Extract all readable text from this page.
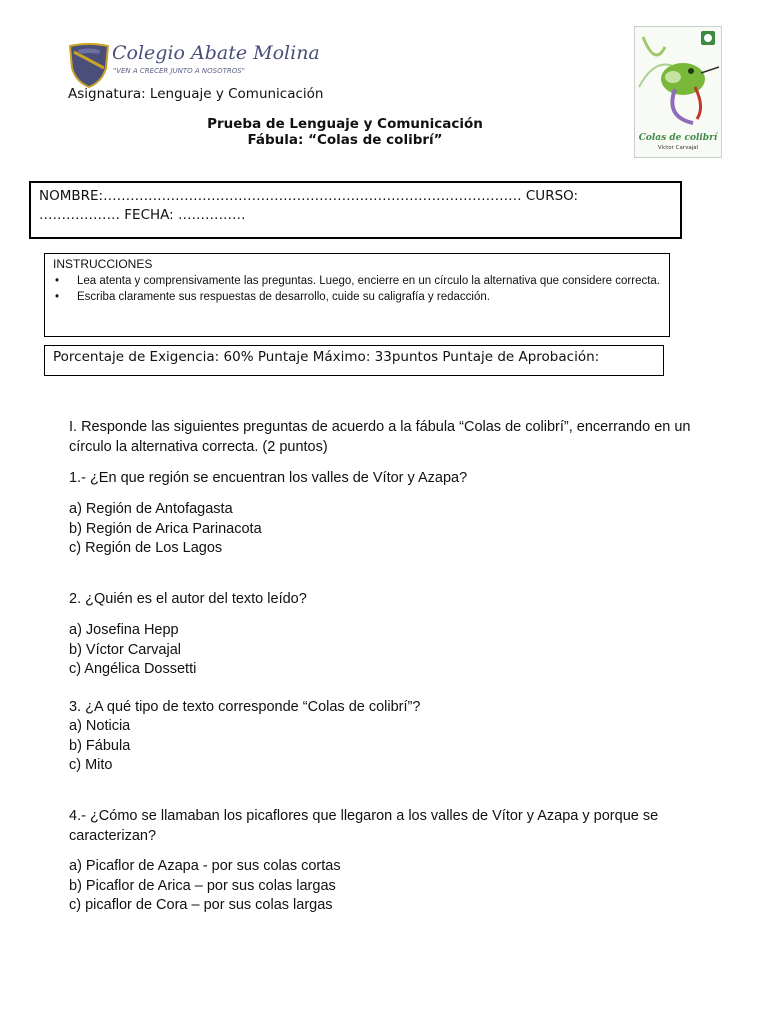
Colegio Abate Molina
"VEN A CRECER JUNTO A NOSOTROS"
Asignatura: Lenguaje y Comunicación
Prueba de Lenguaje y Comunicación
Fábula: “Colas de colibrí”	Colas de colibrí
Víctor Carvajal
NOMBRE:………………………………………………………………………………… CURSO:
……………… FECHA: ……………
INSTRUCCIONES
• Lea atenta y comprensivamente las preguntas. Luego, encierre en un círculo la alternativa que considere correcta.
• Escriba claramente sus respuestas de desarrollo, cuide su caligrafía y redacción.
Porcentaje de Exigencia: 60% Puntaje Máximo: 33puntos Puntaje de Aprobación:
I. Responde las siguientes preguntas de acuerdo a la fábula “Colas de colibrí”, encerrando en un círculo la alternativa correcta. (2 puntos)
1.- ¿En que región se encuentran los valles de Vítor y Azapa?
a) Región de Antofagasta
b) Región de Arica Parinacota
c) Región de Los Lagos
2. ¿Quién es el autor del texto leído?
a) Josefina Hepp
b) Víctor Carvajal
c) Angélica Dossetti
3. ¿A qué tipo de texto corresponde “Colas de colibrí”?
a) Noticia
b) Fábula
c) Mito
4.- ¿Cómo se llamaban los picaflores que llegaron a los valles de Vítor y Azapa y porque se caracterizan?
a) Picaflor de Azapa - por sus colas cortas
b) Picaflor de Arica – por sus colas largas
c) picaflor de Cora – por sus colas largas
